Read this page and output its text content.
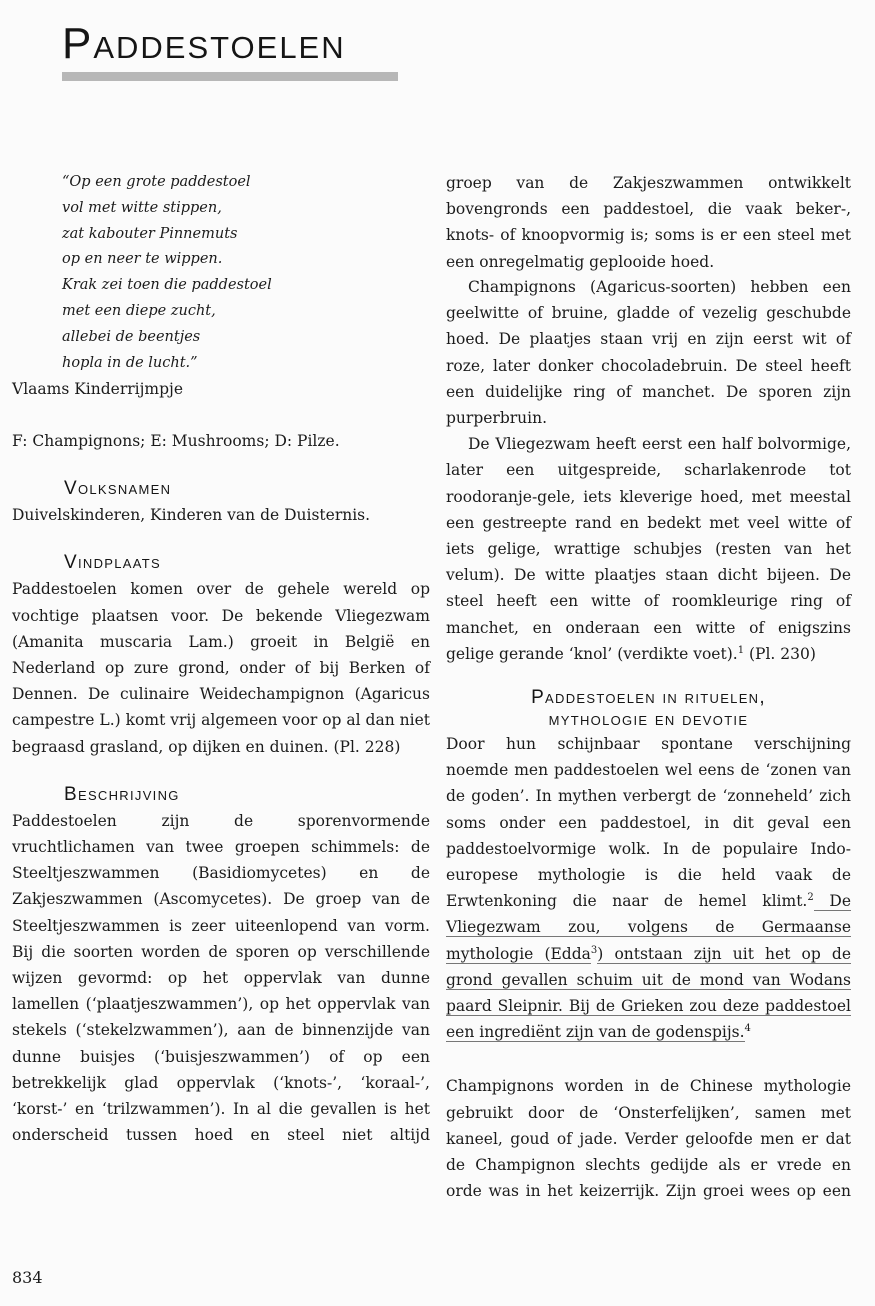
Paddestoelen
“Op een grote paddestoel
vol met witte stippen,
zat kabouter Pinnemuts
op en neer te wippen.
Krak zei toen die paddestoel
met een diepe zucht,
allebei de beentjes
hopla in de lucht.”

Vlaams Kinderrijmpje

F: Champignons; E: Mushrooms; D: Pilze.

Volksnamen

Duivelskinderen, Kinderen van de Duisternis.

Vindplaats

Paddestoelen komen over de gehele wereld op vochtige plaatsen voor. De bekende Vliegezwam (Amanita muscaria Lam.) groeit in België en Nederland op zure grond, onder of bij Berken of Dennen. De culinaire Weidechampignon (Agaricus campestre L.) komt vrij algemeen voor op al dan niet begraasd grasland, op dijken en duinen. (Pl. 228)

Beschrijving

Paddestoelen zijn de sporenvormende vruchtlichamen van twee groepen schimmels: de Steeltjeszwammen (Basidiomycetes) en de Zakjeszwammen (Ascomycetes). De groep van de Steeltjeszwammen is zeer uiteenlopend van vorm. Bij die soorten worden de sporen op verschillende wijzen gevormd: op het oppervlak van dunne lamellen (‘plaatjeszwammen’), op het oppervlak van stekels (‘stekelzwammen’), aan de binnenzijde van dunne buisjes (‘buisjeszwammen’) of op een betrekkelijk glad oppervlak (‘knots-’, ‘koraal-’, ‘korst-’ en ‘trilzwammen’). In al die gevallen is het onderscheid tussen hoed en steel niet altijd

groep van de Zakjeszwammen ontwikkelt bovengronds een paddestoel, die vaak beker-, knots- of knoopvormig is; soms is er een steel met een onregelmatig geplooide hoed.

Champignons (Agaricus-soorten) hebben een geelwitte of bruine, gladde of vezelig geschubde hoed. De plaatjes staan vrij en zijn eerst wit of roze, later donker chocoladebruin. De steel heeft een duidelijke ring of manchet. De sporen zijn purperbruin.

De Vliegezwam heeft eerst een half bolvormige, later een uitgespreide, scharlakenrode tot roodoranje-gele, iets kleverige hoed, met meestal een gestreepte rand en bedekt met veel witte of iets gelige, wrattige schubjes (resten van het velum). De witte plaatjes staan dicht bijeen. De steel heeft een witte of roomkleurige ring of manchet, en onderaan een witte of enigszins gelige gerande ‘knol’ (verdikte voet).$^1$ (Pl. 230)

Paddestoelen in rituelen,
mythologie en devotie

Door hun schijnbaar spontane verschijning noemde men paddestoelen wel eens de ‘zonen van de goden’. In mythen verbergt de ‘zonneheld’ zich soms onder een paddestoel, in dit geval een paddestoelvormige wolk. In de populaire Indo-europese mythologie is die held vaak de Erwtenkoning die naar de hemel klimt.$^2$ De Vliegezwam zou, volgens de Germaanse mythologie (Edda$^3$) ontstaan zijn uit het op de grond gevallen schuim uit de mond van Wodans paard Sleipnir. Bij de Grieken zou deze paddestoel een ingrediënt zijn van de godenspijs.$^4$

Champignons worden in de Chinese mythologie gebruikt door de ‘Onsterfelijken’, samen met kaneel, goud of jade. Verder geloofde men er dat de Champignon slechts gedijde als er vrede en orde was in het keizerrijk. Zijn groei wees op een

834
